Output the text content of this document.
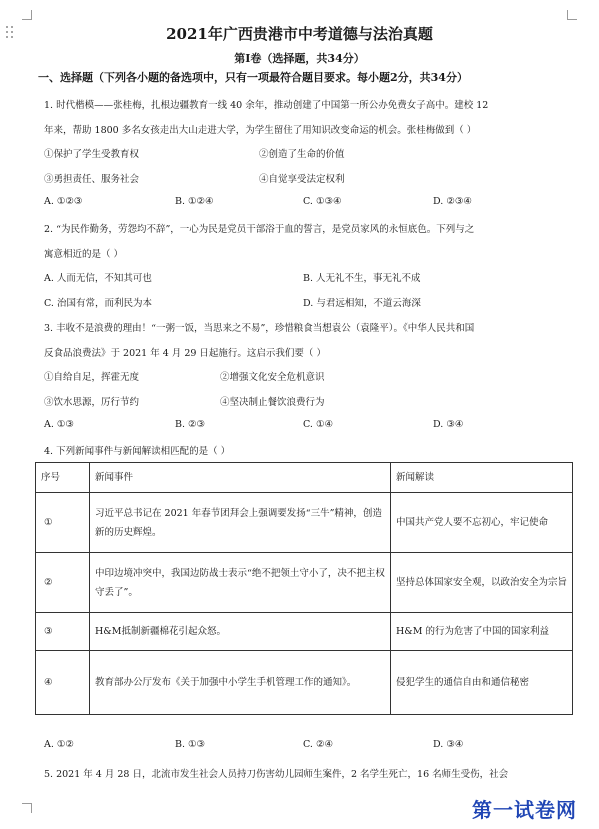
2021年广西贵港市中考道德与法治真题
第Ⅰ卷（选择题，共34分）
一、选择题（下列各小题的备选项中，只有一项最符合题目要求。每小题2分，共34分）
1. 时代楷模——张桂梅，扎根边疆教育一线 40 余年，推动创建了中国第一所公办免费女子高中。建校 12
年来，帮助 1800 多名女孩走出大山走进大学，为学生留住了用知识改变命运的机会。张桂梅做到（ ）
①保护了学生受教育权	②创造了生命的价值
③勇担责任、服务社会	④自觉享受法定权利
A. ①②③	B. ①②④	C. ①③④	D. ②③④
2. “为民作勤务，劳怨均不辞”，一心为民是党员干部浴于血的誓言，是党员家风的永恒底色。下列与之
寓意相近的是（ ）
A. 人而无信，不知其可也	B. 人无礼不生，事无礼不成
C. 治国有常，而利民为本	D. 与君远相知，不道云海深
3. 丰收不是浪费的理由！“一粥一饭，当思来之不易”，珍惜粮食当想袁公（袁隆平）。《中华人民共和国
反食品浪费法》于 2021 年 4 月 29 日起施行。这启示我们要（ ）
①自给自足，挥霍无度	②增强文化安全危机意识
③饮水思源，厉行节约	④坚决制止餐饮浪费行为
A. ①③	B. ②③	C. ①④	D. ③④
4. 下列新闻事件与新闻解读相匹配的是（ ）
序号	新闻事件	新闻解读
①	习近平总书记在 2021 年春节团拜会上强调要发扬“三牛”精神，创造新的历史辉煌。	中国共产党人要不忘初心，牢记使命
②	中印边境冲突中，我国边防战士表示“绝不把领土守小了，决不把主权守丢了”。	坚持总体国家安全观，以政治安全为宗旨
③	H&M抵制新疆棉花引起众怒。	H&M 的行为危害了中国的国家利益
④	教育部办公厅发布《关于加强中小学生手机管理工作的通知》。	侵犯学生的通信自由和通信秘密
A. ①②	B. ①③	C. ②④	D. ③④
5. 2021 年 4 月 28 日，北流市发生社会人员持刀伤害幼儿园师生案件，2 名学生死亡，16 名师生受伤，社会
第一试卷网
